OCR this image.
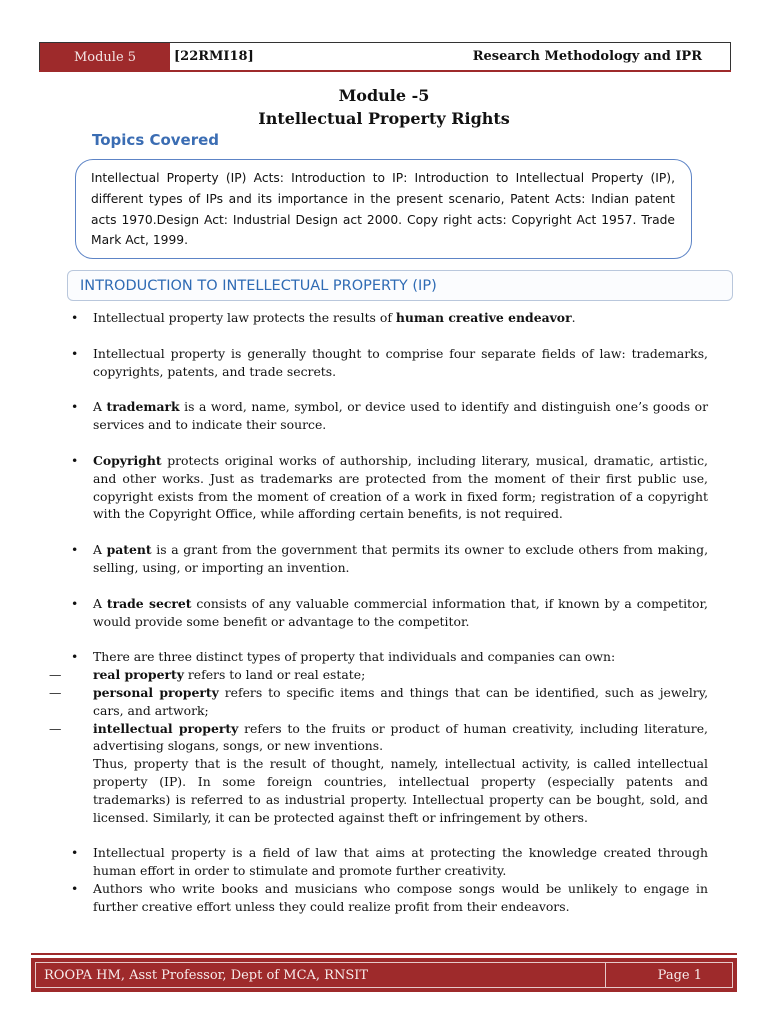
Module 5	[22RMI18]	Research Methodology and IPR
Module -5
Intellectual Property Rights
Topics Covered
Intellectual Property (IP) Acts: Introduction to IP: Introduction to Intellectual Property (IP), different types of IPs and its importance in the present scenario, Patent Acts: Indian patent acts 1970.Design Act: Industrial Design act 2000. Copy right acts: Copyright Act 1957. Trade Mark Act, 1999.
INTRODUCTION TO INTELLECTUAL PROPERTY (IP)
• Intellectual property law protects the results of human creative endeavor.
• Intellectual property is generally thought to comprise four separate fields of law: trademarks, copyrights, patents, and trade secrets.
• A trademark is a word, name, symbol, or device used to identify and distinguish one’s goods or services and to indicate their source.
• Copyright protects original works of authorship, including literary, musical, dramatic, artistic, and other works. Just as trademarks are protected from the moment of their first public use, copyright exists from the moment of creation of a work in fixed form; registration of a copyright with the Copyright Office, while affording certain benefits, is not required.
• A patent is a grant from the government that permits its owner to exclude others from making, selling, using, or importing an invention.
• A trade secret consists of any valuable commercial information that, if known by a competitor, would provide some benefit or advantage to the competitor.
• There are three distinct types of property that individuals and companies can own:
—	real property refers to land or real estate;
—	personal property refers to specific items and things that can be identified, such as jewelry, cars, and artwork;
—	intellectual property refers to the fruits or product of human creativity, including literature, advertising slogans, songs, or new inventions.
Thus, property that is the result of thought, namely, intellectual activity, is called intellectual property (IP). In some foreign countries, intellectual property (especially patents and trademarks) is referred to as industrial property. Intellectual property can be bought, sold, and licensed. Similarly, it can be protected against theft or infringement by others.
• Intellectual property is a field of law that aims at protecting the knowledge created through human effort in order to stimulate and promote further creativity.
• Authors who write books and musicians who compose songs would be unlikely to engage in further creative effort unless they could realize profit from their endeavors.
ROOPA HM, Asst Professor, Dept of MCA, RNSIT	Page 1
